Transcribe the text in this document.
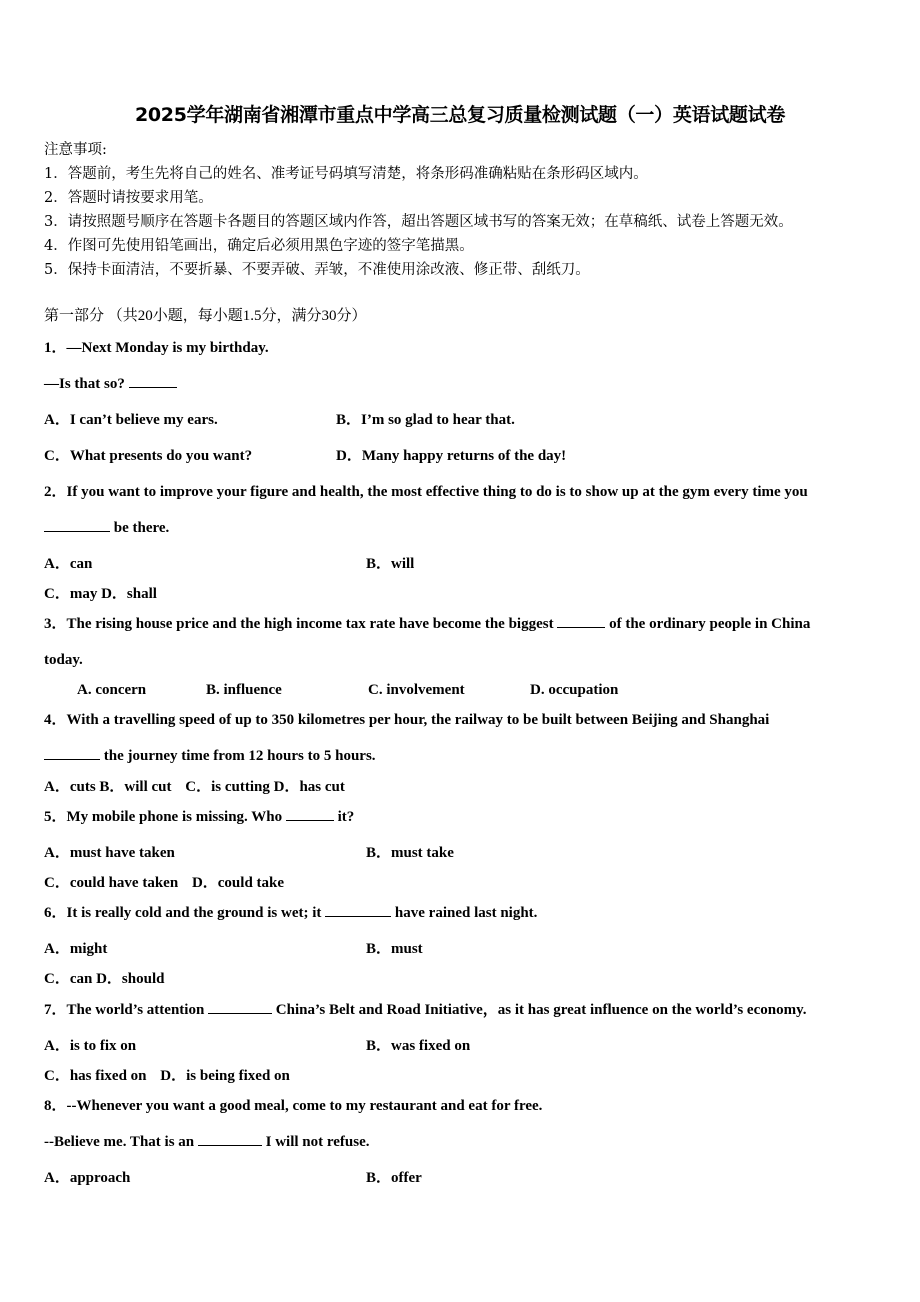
2025学年湖南省湘潭市重点中学高三总复习质量检测试题（一）英语试题试卷
注意事项:
1．答题前，考生先将自己的姓名、准考证号码填写清楚，将条形码准确粘贴在条形码区域内。
2．答题时请按要求用笔。
3．请按照题号顺序在答题卡各题目的答题区域内作答，超出答题区域书写的答案无效；在草稿纸、试卷上答题无效。
4．作图可先使用铅笔画出，确定后必须用黑色字迹的签字笔描黑。
5．保持卡面清洁，不要折暴、不要弄破、弄皱，不准使用涂改液、修正带、刮纸刀。
第一部分 （共20小题，每小题1.5分，满分30分）
1．—Next Monday is my birthday.
—Is that so?
A．I can’t believe my ears.	B．I’m so glad to hear that.
C．What presents do you want?	D．Many happy returns of the day!
2．If you want to improve your figure and health, the most effective thing to do is to show up at the gym every time you
be there.
A．can	B．will
C．may D．shall
3．The rising house price and the high income tax rate have become the biggest	of the ordinary people in China
today.
A. concern	B. influence	C. involvement	D. occupation
4．With a travelling speed of up to 350 kilometres per hour, the railway to be built between Beijing and Shanghai
the journey time from 12 hours to 5 hours.
A．cuts B．will cut C．is cutting D．has cut
5．My mobile phone is missing. Who	it?
A．must have taken	B．must take
C．could have taken D．could take
6．It is really cold and the ground is wet; it	have rained last night.
A．might	B．must
C．can D．should
7．The world’s attention	China’s Belt and Road Initiative，as it has great influence on the world’s economy.
A．is to fix on	B．was fixed on
C．has fixed on D．is being fixed on
8．--Whenever you want a good meal, come to my restaurant and eat for free.
--Believe me. That is an	I will not refuse.
A．approach	B．offer
